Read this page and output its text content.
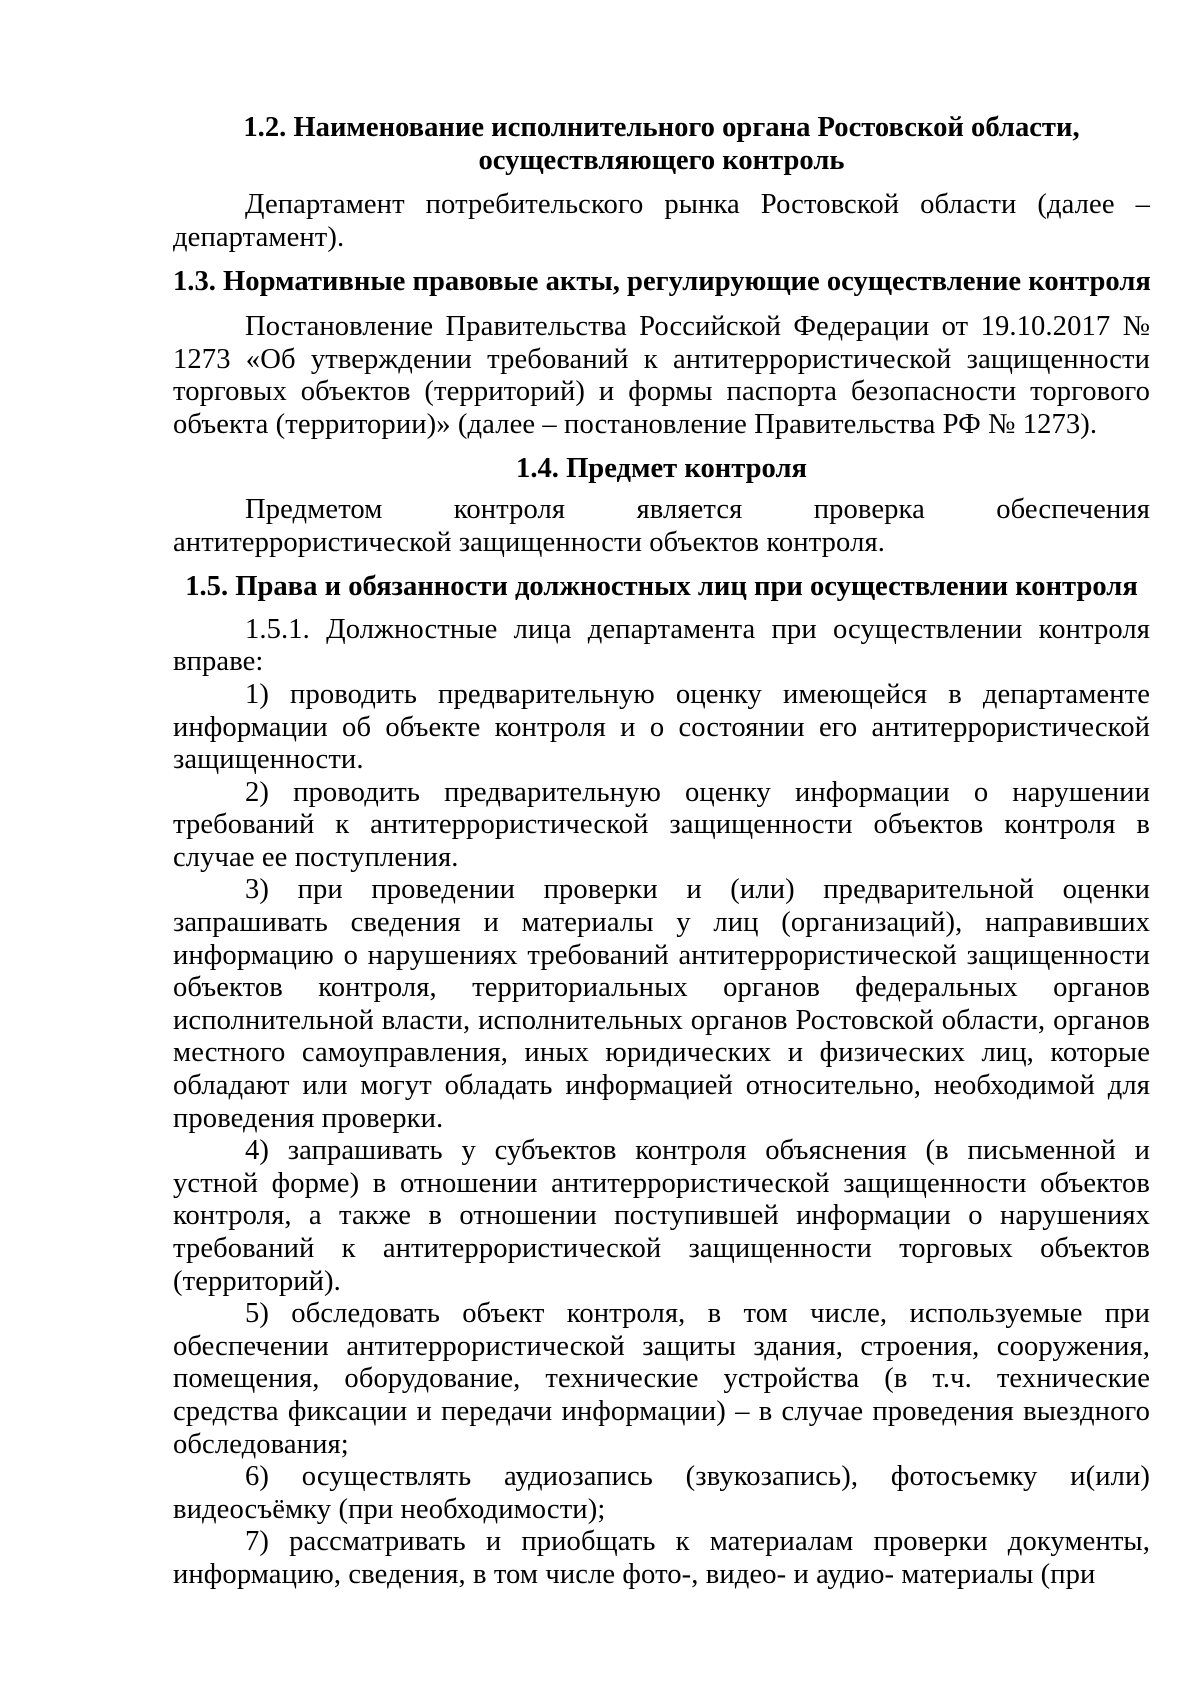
1.2. Наименование исполнительного органа Ростовской области,
осуществляющего контроль

Департамент потребительского рынка Ростовской области (далее – департамент).

1.3. Нормативные правовые акты, регулирующие осуществление контроля

Постановление Правительства Российской Федерации от 19.10.2017 № 1273 «Об утверждении требований к антитеррористической защищенности торговых объектов (территорий) и формы паспорта безопасности торгового объекта (территории)» (далее – постановление Правительства РФ № 1273).

1.4. Предмет контроля

Предметом контроля является проверка обеспечения антитеррористической защищенности объектов контроля.

1.5. Права и обязанности должностных лиц при осуществлении контроля

1.5.1. Должностные лица департамента при осуществлении контроля вправе:

1) проводить предварительную оценку имеющейся в департаменте информации об объекте контроля и о состоянии его антитеррористической защищенности.

2) проводить предварительную оценку информации о нарушении требований к антитеррористической защищенности объектов контроля в случае ее поступления.

3) при проведении проверки и (или) предварительной оценки запрашивать сведения и материалы у лиц (организаций), направивших информацию о нарушениях требований антитеррористической защищенности объектов контроля, территориальных органов федеральных органов исполнительной власти, исполнительных органов Ростовской области, органов местного самоуправления, иных юридических и физических лиц, которые обладают или могут обладать информацией относительно, необходимой для проведения проверки.

4) запрашивать у субъектов контроля объяснения (в письменной и устной форме) в отношении антитеррористической защищенности объектов контроля, а также в отношении поступившей информации о нарушениях требований к антитеррористической защищенности торговых объектов (территорий).

5) обследовать объект контроля, в том числе, используемые при обеспечении антитеррористической защиты здания, строения, сооружения, помещения, оборудование, технические устройства (в т.ч. технические средства фиксации и передачи информации) – в случае проведения выездного обследования;

6) осуществлять аудиозапись (звукозапись), фотосъемку и(или) видеосъёмку (при необходимости);

7) рассматривать и приобщать к материалам проверки документы, информацию, сведения, в том числе фото-, видео- и аудио- материалы (при
